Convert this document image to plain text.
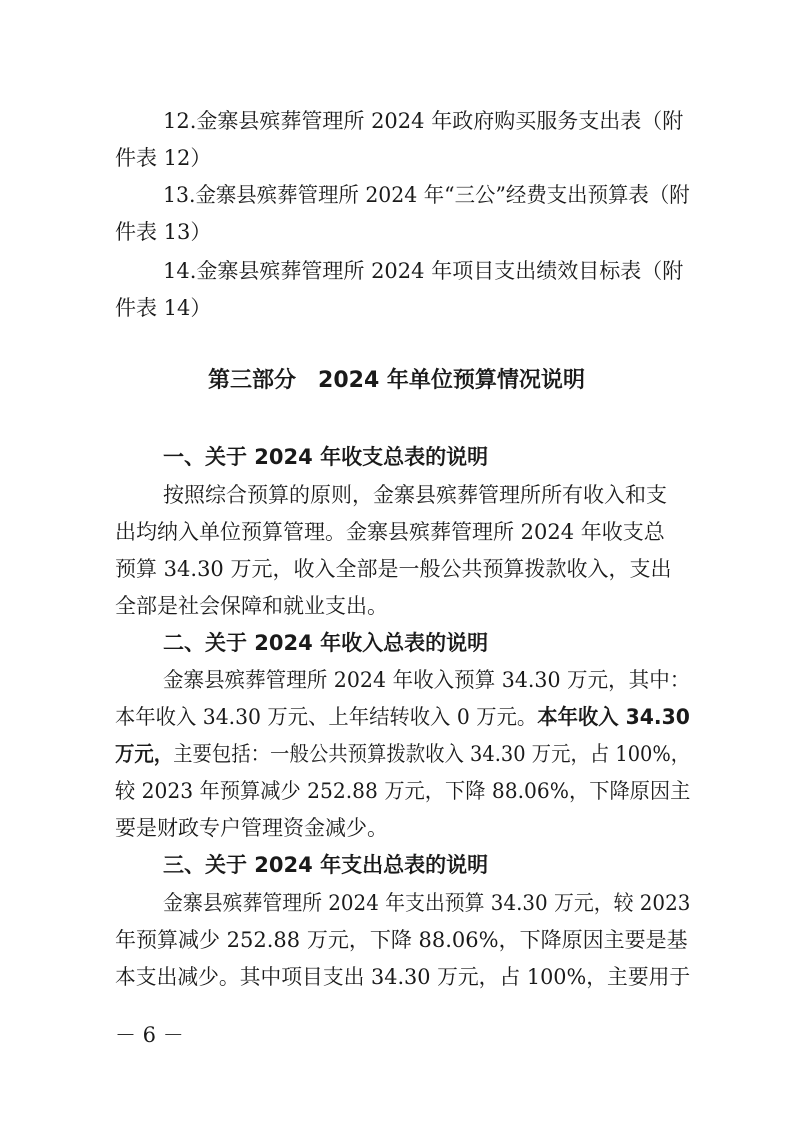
12.金寨县殡葬管理所 2024 年政府购买服务支出表（附
件表 12）
13.金寨县殡葬管理所 2024 年“三公”经费支出预算表（附
件表 13）
14.金寨县殡葬管理所 2024 年项目支出绩效目标表（附
件表 14）
第三部分　2024 年单位预算情况说明
一、关于 2024 年收支总表的说明
按照综合预算的原则，金寨县殡葬管理所所有收入和支
出均纳入单位预算管理。金寨县殡葬管理所 2024 年收支总
预算 34.30 万元，收入全部是一般公共预算拨款收入，支出
全部是社会保障和就业支出。
二、关于 2024 年收入总表的说明
金寨县殡葬管理所 2024 年收入预算 34.30 万元，其中：
本年收入 34.30 万元、上年结转收入 0 万元。本年收入 34.30
万元，主要包括：一般公共预算拨款收入 34.30 万元，占 100%，
较 2023 年预算减少 252.88 万元，下降 88.06%，下降原因主
要是财政专户管理资金减少。
三、关于 2024 年支出总表的说明
金寨县殡葬管理所 2024 年支出预算 34.30 万元，较 2023
年预算减少 252.88 万元，下降 88.06%，下降原因主要是基
本支出减少。其中项目支出 34.30 万元，占 100%，主要用于
－ 6 －
